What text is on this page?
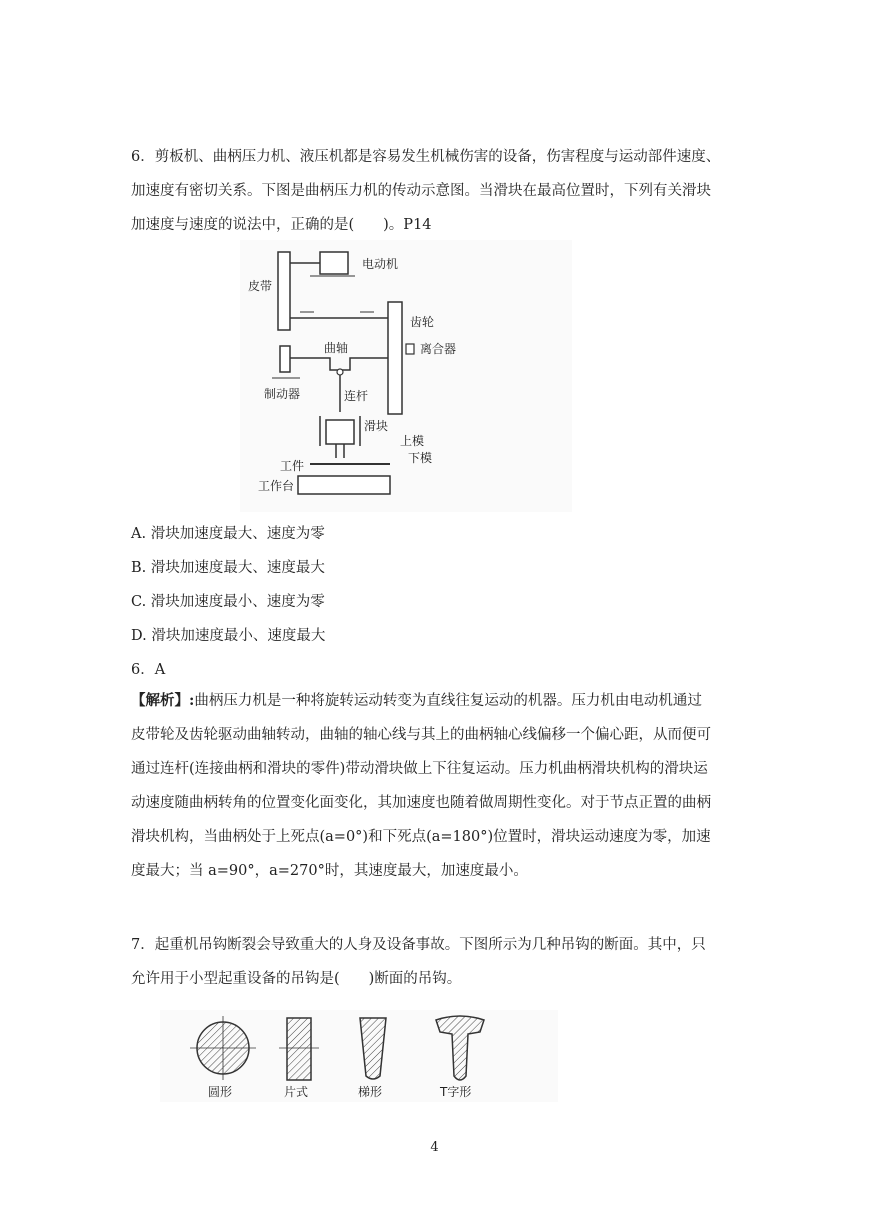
6．剪板机、曲柄压力机、液压机都是容易发生机械伤害的设备，伤害程度与运动部件速度、
加速度有密切关系。下图是曲柄压力机的传动示意图。当滑块在最高位置时，下列有关滑块
加速度与速度的说法中，正确的是(　　)。P14
电动机
皮带
齿轮
离合器
曲轴
制动器	连杆
滑块
上模
下模
工件
工作台
A. 滑块加速度最大、速度为零
B. 滑块加速度最大、速度最大
C. 滑块加速度最小、速度为零
D. 滑块加速度最小、速度最大
6．A
【解析】:曲柄压力机是一种将旋转运动转变为直线往复运动的机器。压力机由电动机通过
皮带轮及齿轮驱动曲轴转动，曲轴的轴心线与其上的曲柄轴心线偏移一个偏心距，从而便可
通过连杆(连接曲柄和滑块的零件)带动滑块做上下往复运动。压力机曲柄滑块机构的滑块运
动速度随曲柄转角的位置变化面变化，其加速度也随着做周期性变化。对于节点正置的曲柄
滑块机构，当曲柄处于上死点(a=0°)和下死点(a=180°)位置时，滑块运动速度为零，加速
度最大；当 a=90°，a=270°时，其速度最大，加速度最小。
7．起重机吊钩断裂会导致重大的人身及设备事故。下图所示为几种吊钩的断面。其中，只
允许用于小型起重设备的吊钩是(　　)断面的吊钩。
圆形	片式	梯形	T字形
4
